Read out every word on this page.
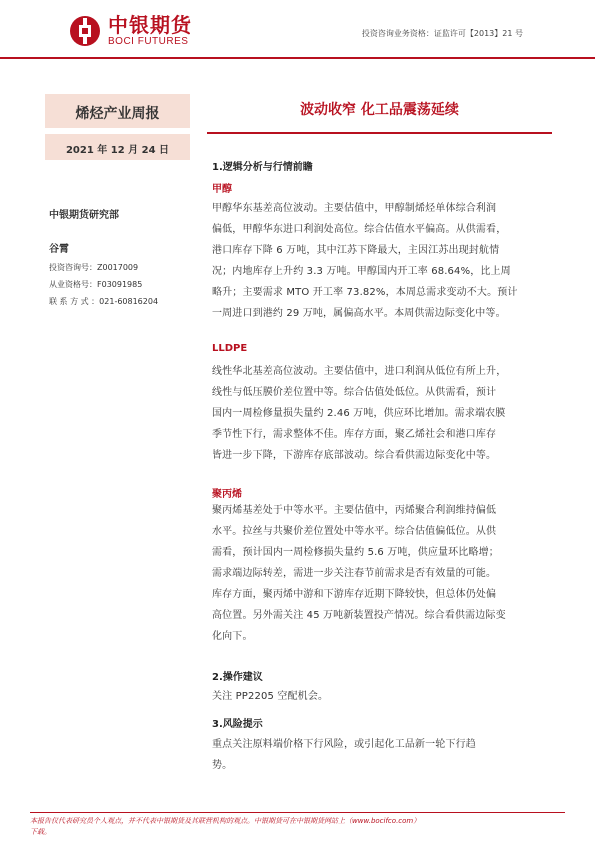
中银期货
BOCI FUTURES
投资咨询业务资格：证监许可【2013】21 号
烯烃产业周报
2021 年 12 月 24 日
中银期货研究部
谷霄
投资咨询号：Z0017009
从业资格号：F03091985
联 系 方 式 ：021-60816204
波动收窄 化工品震荡延续
1.逻辑分析与行情前瞻
甲醇
甲醇华东基差高位波动。主要估值中，甲醇制烯烃单体综合利润
偏低，甲醇华东进口利润处高位。综合估值水平偏高。从供需看，
港口库存下降 6 万吨，其中江苏下降最大，主因江苏出现封航情
况；内地库存上升约 3.3 万吨。甲醇国内开工率 68.64%，比上周
略升；主要需求 MTO 开工率 73.82%，本周总需求变动不大。预计
一周进口到港约 29 万吨，属偏高水平。本周供需边际变化中等。
LLDPE
线性华北基差高位波动。主要估值中，进口利润从低位有所上升，
线性与低压膜价差位置中等。综合估值处低位。从供需看，预计
国内一周检修量损失量约 2.46 万吨，供应环比增加。需求端农膜
季节性下行，需求整体不佳。库存方面，聚乙烯社会和港口库存
皆进一步下降，下游库存底部波动。综合看供需边际变化中等。
聚丙烯
聚丙烯基差处于中等水平。主要估值中，丙烯聚合利润维持偏低
水平。拉丝与共聚价差位置处中等水平。综合估值偏低位。从供
需看，预计国内一周检修损失量约 5.6 万吨，供应量环比略增；
需求端边际转差，需进一步关注春节前需求是否有效量的可能。
库存方面，聚丙烯中游和下游库存近期下降较快，但总体仍处偏
高位置。另外需关注 45 万吨新装置投产情况。综合看供需边际变
化向下。
2.操作建议
关注 PP2205 空配机会。
3.风险提示
重点关注原料端价格下行风险，或引起化工品新一轮下行趋
势。
本报告仅代表研究员个人观点，并不代表中银期货及其联营机构的观点。中银期货可在中银期货网站上（www.bocifco.com）
下载。
